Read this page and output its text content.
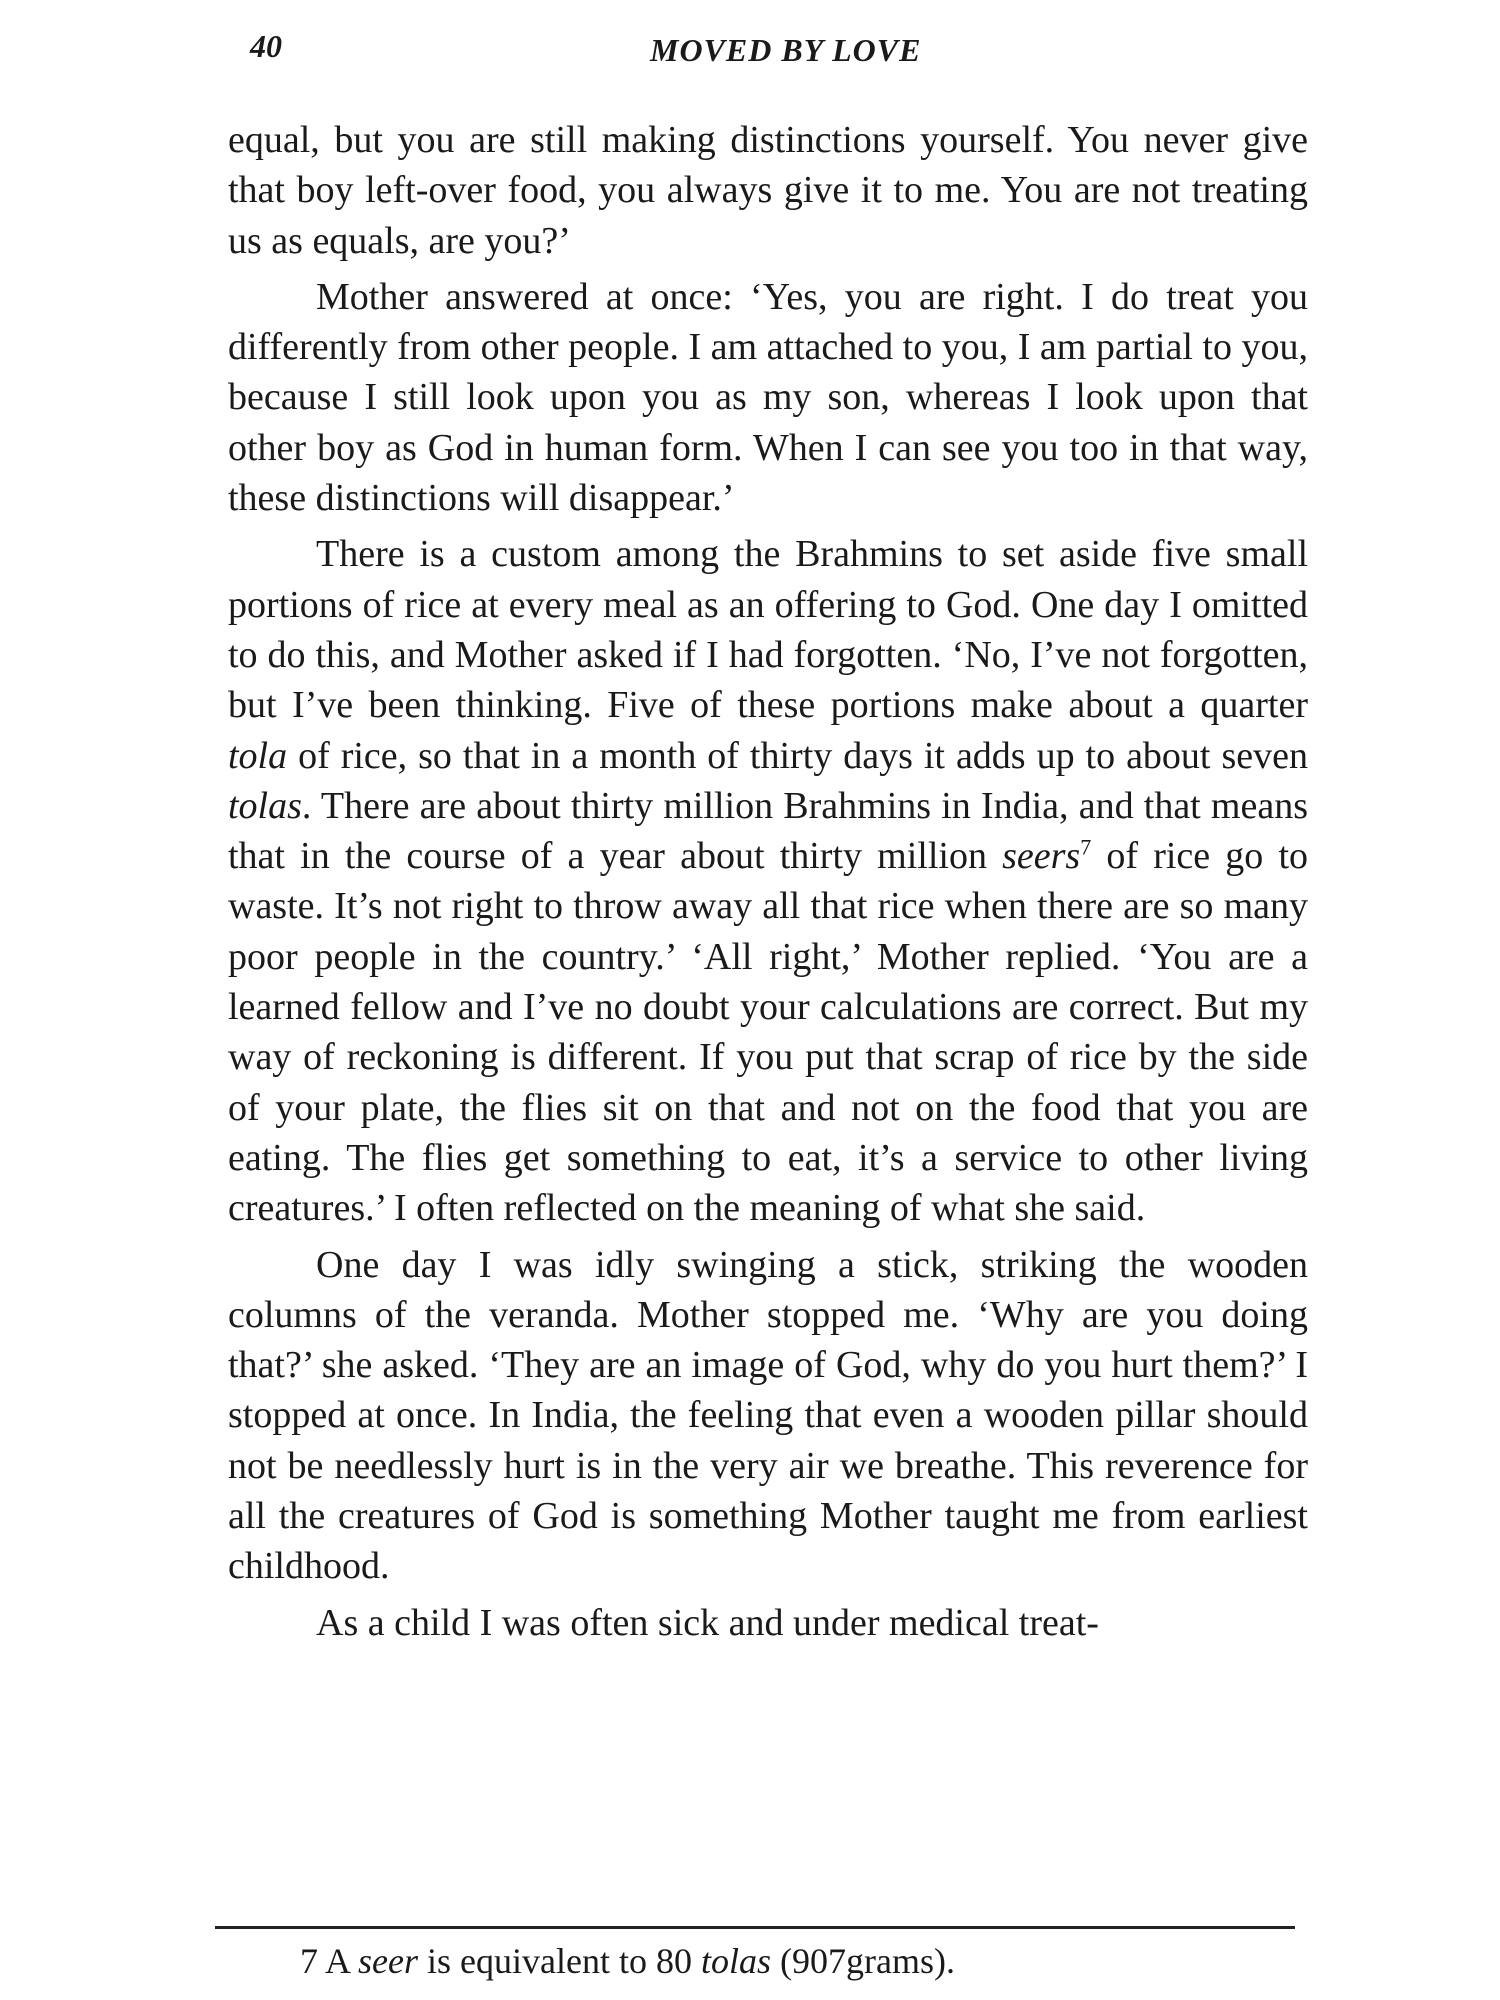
40	MOVED BY LOVE

equal, but you are still making distinctions yourself. You never give that boy left-over food, you always give it to me. You are not treating us as equals, are you?’

Mother answered at once: ‘Yes, you are right. I do treat you differently from other people. I am attached to you, I am partial to you, because I still look upon you as my son, whereas I look upon that other boy as God in human form. When I can see you too in that way, these distinctions will disappear.’

There is a custom among the Brahmins to set aside five small portions of rice at every meal as an offering to God. One day I omitted to do this, and Mother asked if I had forgotten. ‘No, I’ve not forgotten, but I’ve been thinking. Five of these portions make about a quarter tola of rice, so that in a month of thirty days it adds up to about seven tolas. There are about thirty million Brahmins in India, and that means that in the course of a year about thirty million seers$^7$ of rice go to waste. It’s not right to throw away all that rice when there are so many poor people in the country.’ ‘All right,’ Mother replied. ‘You are a learned fellow and I’ve no doubt your calculations are correct. But my way of reckoning is different. If you put that scrap of rice by the side of your plate, the flies sit on that and not on the food that you are eating. The flies get something to eat, it’s a service to other living creatures.’ I often reflected on the meaning of what she said.

One day I was idly swinging a stick, striking the wooden columns of the veranda. Mother stopped me. ‘Why are you doing that?’ she asked. ‘They are an image of God, why do you hurt them?’ I stopped at once. In India, the feeling that even a wooden pillar should not be needlessly hurt is in the very air we breathe. This reverence for all the creatures of God is something Mother taught me from earliest childhood.

As a child I was often sick and under medical treat-

7 A seer is equivalent to 80 tolas (907grams).
